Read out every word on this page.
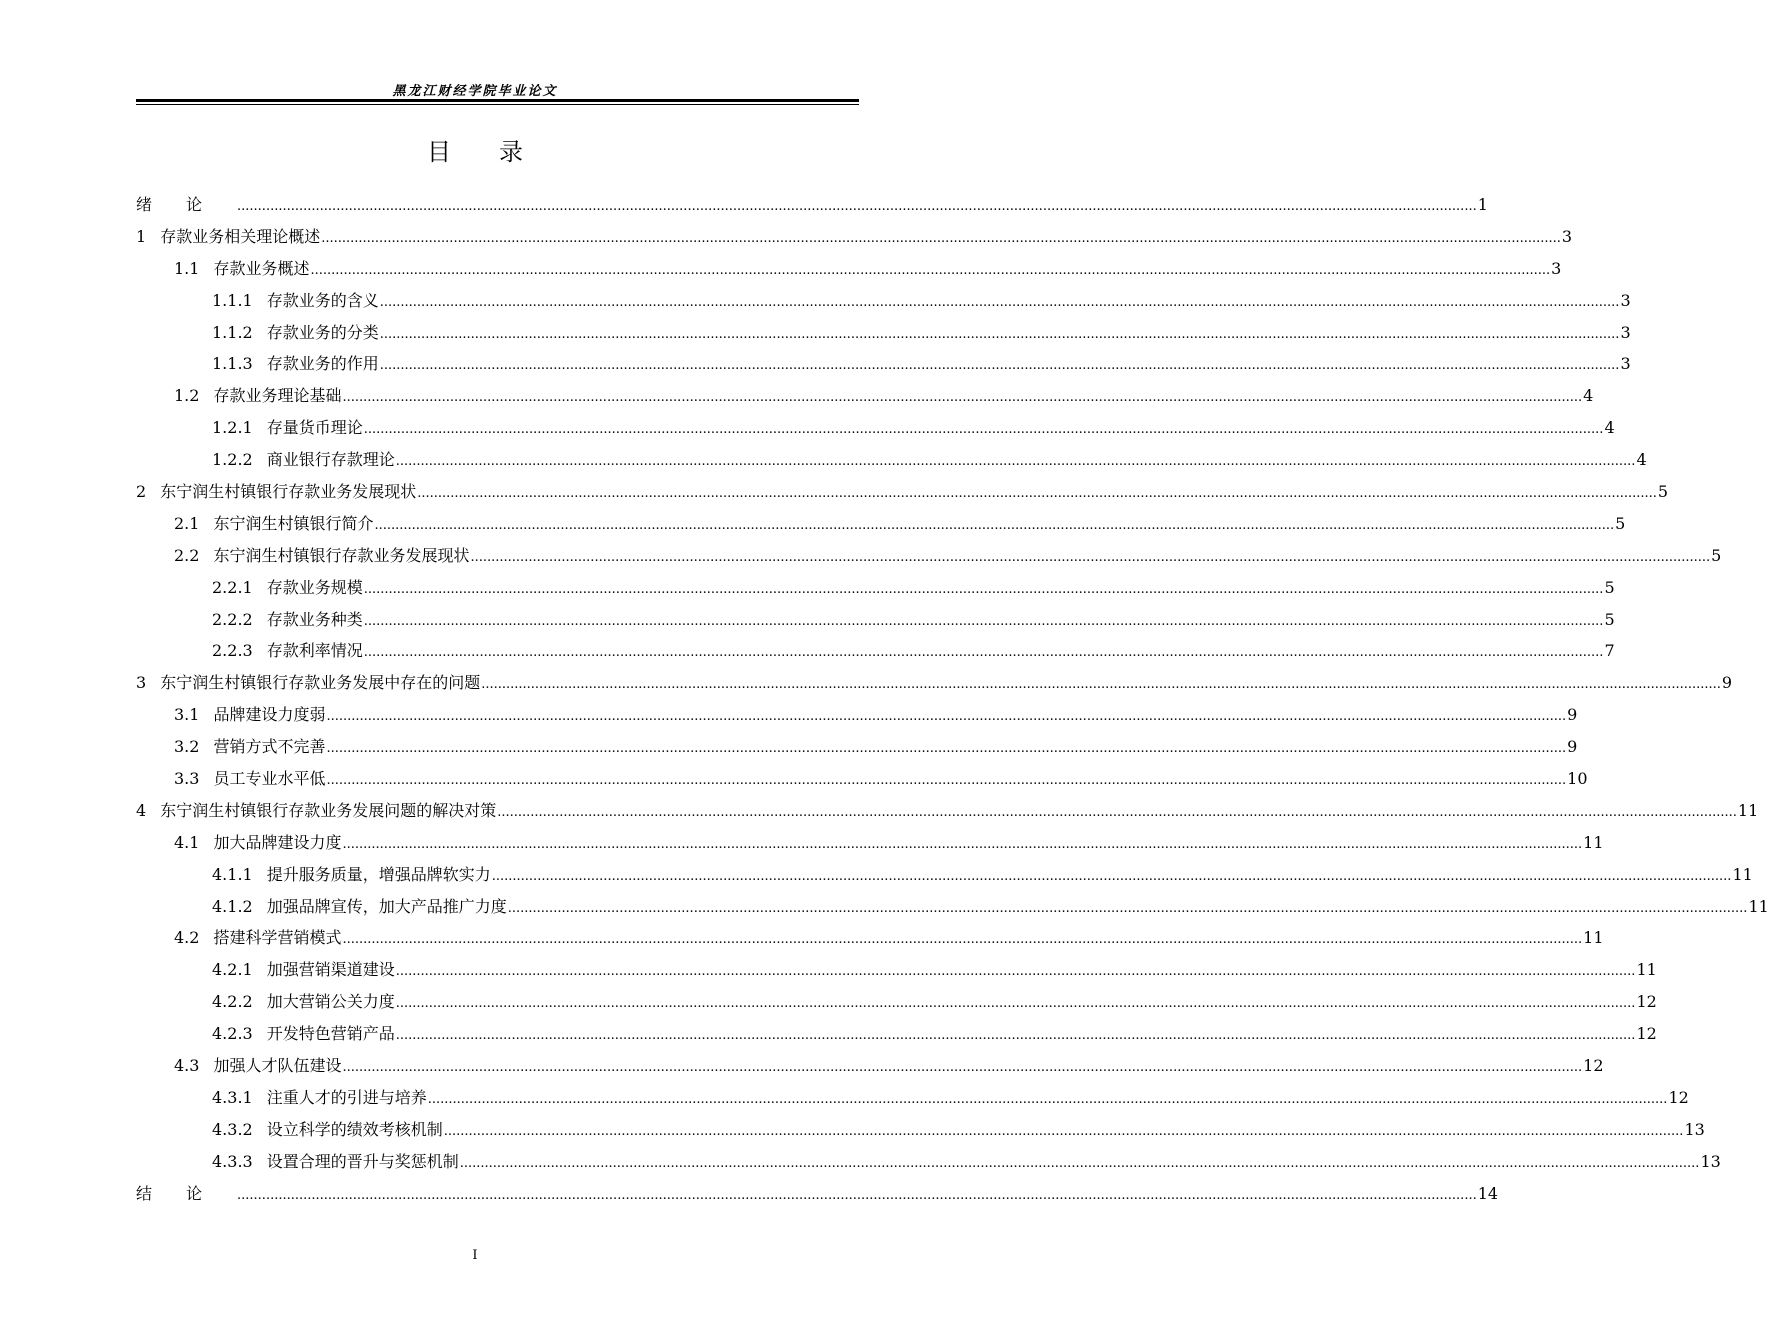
黑龙江财经学院毕业论文
目 录
绪论 ............................................................................................................................................................................................................................................................................................................ 1
1 存款业务相关理论概述 ............................................................................................................................................................................................................................................................................................................ 3
1.1 存款业务概述 ............................................................................................................................................................................................................................................................................................................ 3
1.1.1 存款业务的含义 ............................................................................................................................................................................................................................................................................................................ 3
1.1.2 存款业务的分类 ............................................................................................................................................................................................................................................................................................................ 3
1.1.3 存款业务的作用 ............................................................................................................................................................................................................................................................................................................ 3
1.2 存款业务理论基础 ............................................................................................................................................................................................................................................................................................................ 4
1.2.1 存量货币理论 ............................................................................................................................................................................................................................................................................................................ 4
1.2.2 商业银行存款理论 ............................................................................................................................................................................................................................................................................................................ 4
2 东宁润生村镇银行存款业务发展现状 ............................................................................................................................................................................................................................................................................................................ 5
2.1 东宁润生村镇银行简介 ............................................................................................................................................................................................................................................................................................................ 5
2.2 东宁润生村镇银行存款业务发展现状 ............................................................................................................................................................................................................................................................................................................ 5
2.2.1 存款业务规模 ............................................................................................................................................................................................................................................................................................................ 5
2.2.2 存款业务种类 ............................................................................................................................................................................................................................................................................................................ 5
2.2.3 存款利率情况 ............................................................................................................................................................................................................................................................................................................ 7
3 东宁润生村镇银行存款业务发展中存在的问题 ............................................................................................................................................................................................................................................................................................................ 9
3.1 品牌建设力度弱 ............................................................................................................................................................................................................................................................................................................ 9
3.2 营销方式不完善 ............................................................................................................................................................................................................................................................................................................ 9
3.3 员工专业水平低 ............................................................................................................................................................................................................................................................................................................ 10
4 东宁润生村镇银行存款业务发展问题的解决对策 ............................................................................................................................................................................................................................................................................................................ 11
4.1 加大品牌建设力度 ............................................................................................................................................................................................................................................................................................................ 11
4.1.1 提升服务质量，增强品牌软实力 ............................................................................................................................................................................................................................................................................................................ 11
4.1.2 加强品牌宣传，加大产品推广力度 ............................................................................................................................................................................................................................................................................................................ 11
4.2 搭建科学营销模式 ............................................................................................................................................................................................................................................................................................................ 11
4.2.1 加强营销渠道建设 ............................................................................................................................................................................................................................................................................................................ 11
4.2.2 加大营销公关力度 ............................................................................................................................................................................................................................................................................................................ 12
4.2.3 开发特色营销产品 ............................................................................................................................................................................................................................................................................................................ 12
4.3 加强人才队伍建设 ............................................................................................................................................................................................................................................................................................................ 12
4.3.1 注重人才的引进与培养 ............................................................................................................................................................................................................................................................................................................ 12
4.3.2 设立科学的绩效考核机制 ............................................................................................................................................................................................................................................................................................................ 13
4.3.3 设置合理的晋升与奖惩机制 ............................................................................................................................................................................................................................................................................................................ 13
结论 ............................................................................................................................................................................................................................................................................................................ 14
I
